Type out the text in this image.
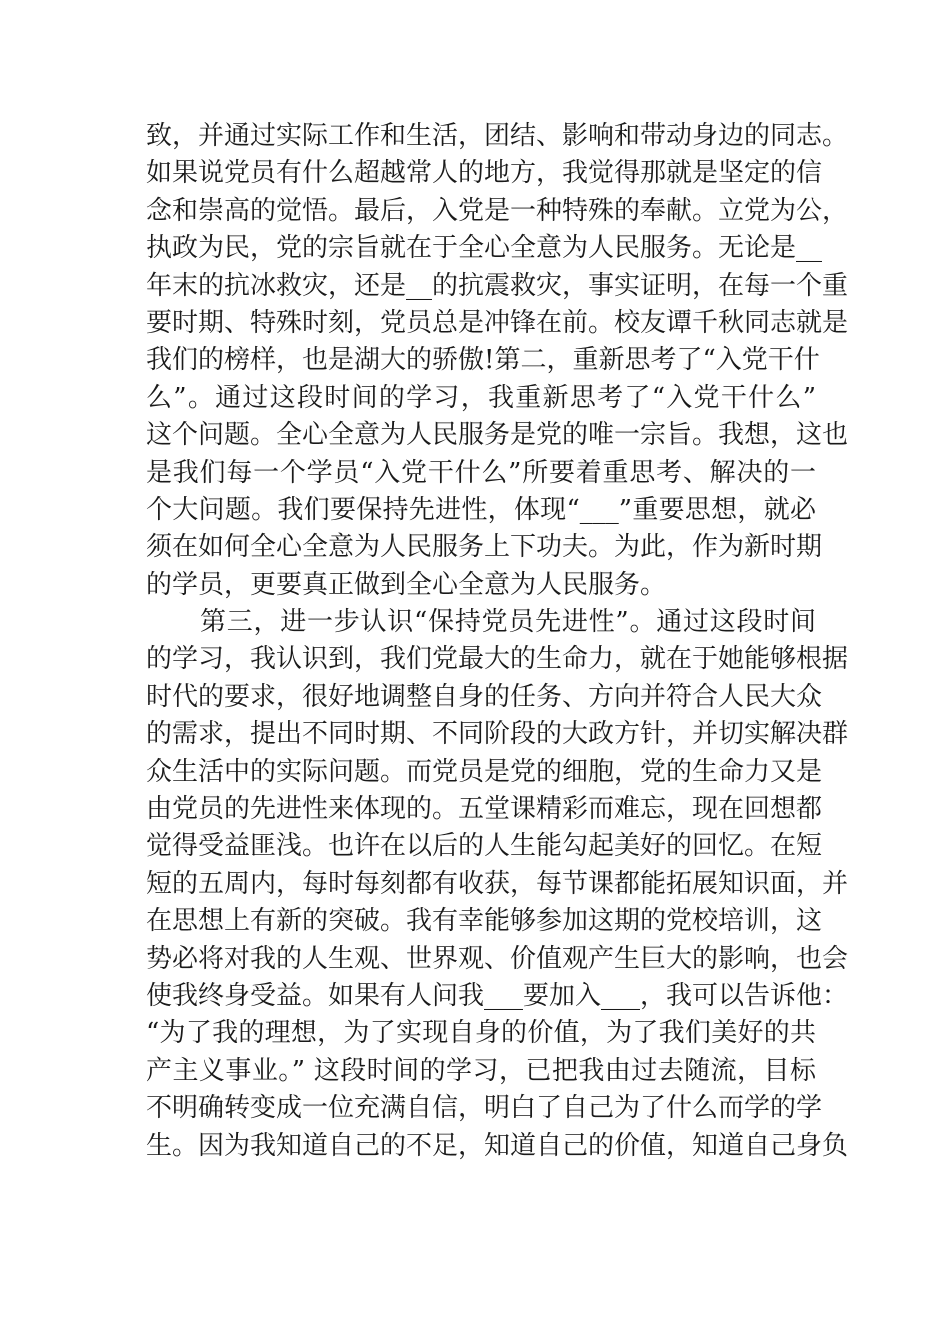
致，并通过实际工作和生活，团结、影响和带动身边的同志。
如果说党员有什么超越常人的地方，我觉得那就是坚定的信
念和崇高的觉悟。最后，入党是一种特殊的奉献。立党为公，
执政为民，党的宗旨就在于全心全意为人民服务。无论是__
年末的抗冰救灾，还是__的抗震救灾，事实证明，在每一个重
要时期、特殊时刻，党员总是冲锋在前。校友谭千秋同志就是
我们的榜样，也是湖大的骄傲!第二，重新思考了“入党干什
么”。通过这段时间的学习，我重新思考了“入党干什么”
这个问题。全心全意为人民服务是党的唯一宗旨。我想，这也
是我们每一个学员“入党干什么”所要着重思考、解决的一
个大问题。我们要保持先进性，体现“___”重要思想，就必
须在如何全心全意为人民服务上下功夫。为此，作为新时期
的学员，更要真正做到全心全意为人民服务。
第三，进一步认识“保持党员先进性”。通过这段时间
的学习，我认识到，我们党最大的生命力，就在于她能够根据
时代的要求，很好地调整自身的任务、方向并符合人民大众
的需求，提出不同时期、不同阶段的大政方针，并切实解决群
众生活中的实际问题。而党员是党的细胞，党的生命力又是
由党员的先进性来体现的。五堂课精彩而难忘，现在回想都
觉得受益匪浅。也许在以后的人生能勾起美好的回忆。在短
短的五周内，每时每刻都有收获，每节课都能拓展知识面，并
在思想上有新的突破。我有幸能够参加这期的党校培训，这
势必将对我的人生观、世界观、价值观产生巨大的影响，也会
使我终身受益。如果有人问我___要加入___，我可以告诉他：
“为了我的理想，为了实现自身的价值，为了我们美好的共
产主义事业。” 这段时间的学习，已把我由过去随流，目标
不明确转变成一位充满自信，明白了自己为了什么而学的学
生。因为我知道自己的不足，知道自己的价值，知道自己身负
